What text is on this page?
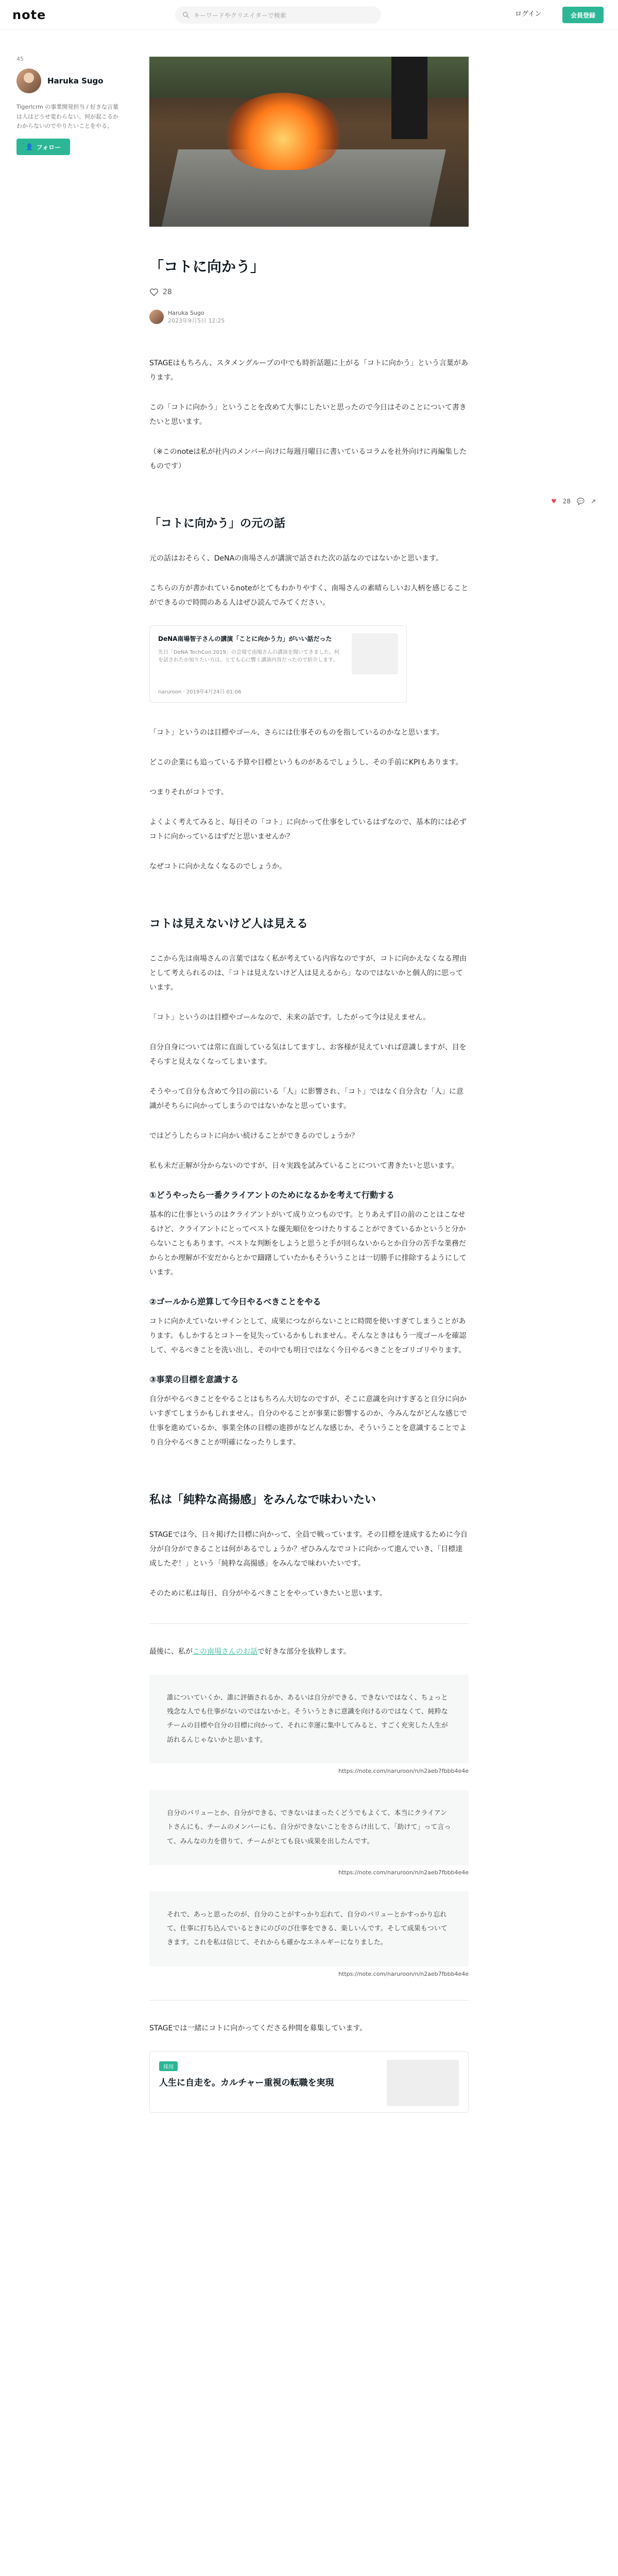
note	キーワードやクリエイターで検索	ログイン	会員登録
45
Haruka Sugo
Tigerlcrm の事業開発担当 / 好きな言葉は人はどうせ変わらない。何が起こるかわからないのでやりたいことをやる。
👤 フォロー
♥ 28 💬 ↗
「コトに向かう」
28
Haruka Sugo
2023年9月5日 12:25

STAGEはもちろん、スタメングループの中でも時折話題に上がる「コトに向かう」という言葉があります。

この「コトに向かう」ということを改めて大事にしたいと思ったので今日はそのことについて書きたいと思います。

（※このnoteは私が社内のメンバー向けに毎週月曜日に書いているコラムを社外向けに再編集したものです）

「コトに向かう」の元の話

元の話はおそらく、DeNAの南場さんが講演で話された次の話なのではないかと思います。

こちらの方が書かれているnoteがとてもわかりやすく、南場さんの素晴らしいお人柄を感じることができるので時間のある人はぜひ読んでみてください。

DeNA南場智子さんの講演「ことに向かう力」がいい話だった
先日「DeNA TechCon 2019」の会場で南場さんの講演を聞いてきました。何を話されたか知りたい方は、とても心に響く講演内容だったので紹介します。
naruroon · 2019年4月24日 01:06

「コト」というのは目標やゴール、さらには仕事そのものを指しているのかなと思います。

どこの企業にも追っている予算や目標というものがあるでしょうし、その手前にKPIもあります。

つまりそれがコトです。

よくよく考えてみると、毎日その「コト」に向かって仕事をしているはずなので、基本的には必ずコトに向かっているはずだと思いませんか？

なぜコトに向かえなくなるのでしょうか。

コトは見えないけど人は見える

ここから先は南場さんの言葉ではなく私が考えている内容なのですが、コトに向かえなくなる理由として考えられるのは、「コトは見えないけど人は見えるから」なのではないかと個人的に思っています。

「コト」というのは目標やゴールなので、未来の話です。したがって今は見えません。

自分自身については常に直面している気はしてますし、お客様が見えていれば意識しますが、目をそらすと見えなくなってしまいます。

そうやって自分も含めて今目の前にいる「人」に影響され、「コト」ではなく自分含む「人」に意識がそちらに向かってしまうのではないかなと思っています。

ではどうしたらコトに向かい続けることができるのでしょうか？

私も未だ正解が分からないのですが、日々実践を試みていることについて書きたいと思います。

①どうやったら一番クライアントのためになるかを考えて行動する

基本的に仕事というのはクライアントがいて成り立つものです。とりあえず目の前のことはこなせるけど、クライアントにとってベストな優先順位をつけたりすることができているかというと分からないこともあります。ベストな判断をしようと思うと手が回らないからとか自分の苦手な業務だからとか理解が不安だからとかで躊躇していたかもそういうことは一切勝手に排除するようにしています。

②ゴールから逆算して今日やるべきことをやる

コトに向かえていないサインとして、成果につながらないことに時間を使いすぎてしまうことがあります。もしかするとコトーを見失っているかもしれません。そんなときはもう一度ゴールを確認して、やるべきことを洗い出し、その中でも明日ではなく今日やるべきことをゴリゴリやります。

③事業の目標を意識する

自分がやるべきことをやることはもちろん大切なのですが、そこに意識を向けすぎると自分に向かいすぎてしまうかもしれません。自分のやることが事業に影響するのか、今みんながどんな感じで仕事を進めているか、事業全体の目標の進捗がなどんな感じか、そういうことを意識することでより自分やるべきことが明確になったりします。

私は「純粋な高揚感」をみんなで味わいたい

STAGEでは今、日々掲げた目標に向かって、全員で戦っています。その目標を達成するために今自分が自分ができることは何があるでしょうか？ぜひみんなでコトに向かって進んでいき、「目標達成したぞ！」という「純粋な高揚感」をみんなで味わいたいです。

そのために私は毎日、自分がやるべきことをやっていきたいと思います。

最後に、私がこの南場さんのお話で好きな部分を抜粋します。

誰についていくか、誰に評価されるか、あるいは自分ができる、できないではなく、ちょっと残念な人でも仕事がないのではないかと。そういうときに意識を向けるのではなくて、純粋なチームの目標や自分の目標に向かって、それに幸運に集中してみると、すごく充実した人生が訪れるんじゃないかと思います。
https://note.com/naruroon/n/n2aeb7fbbb4e4e
自分のバリューとか、自分ができる、できないはまったくどうでもよくて、本当にクライアントさんにも、チームのメンバーにも、自分ができないことをさらけ出して、「助けて」って言って、みんなの力を借りて、チームがとても良い成果を出したんです。
https://note.com/naruroon/n/n2aeb7fbbb4e4e
それで、あっと思ったのが、自分のことがすっかり忘れて、自分のバリューとかすっかり忘れて、仕事に打ち込んでいるときにのびのび仕事をできる、楽しいんです。そして成果もついてきます。これを私は信じて、それからも確かなエネルギーになりました。
https://note.com/naruroon/n/n2aeb7fbbb4e4e

STAGEでは一緒にコトに向かってくださる仲間を募集しています。

採用
人生に自走を。カルチャー重視の転職を実現
